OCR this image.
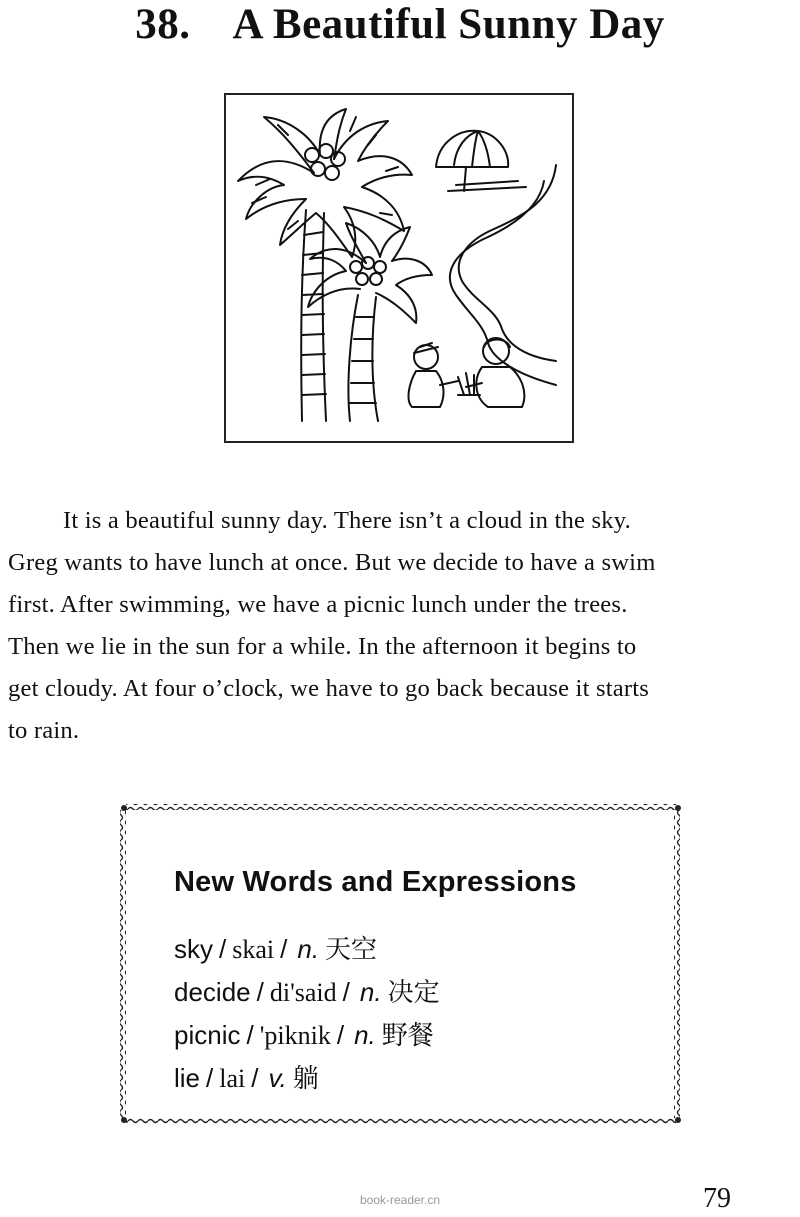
38. A Beautiful Sunny Day
It is a beautiful sunny day. There isn’t a cloud in the sky.
Greg wants to have lunch at once. But we decide to have a swim
first. After swimming, we have a picnic lunch under the trees.
Then we lie in the sun for a while. In the afternoon it begins to
get cloudy. At four o’clock, we have to go back because it starts
to rain.
New Words and Expressions
sky / skai / n. 天空
decide / di'said / n. 决定
picnic / 'piknik / n. 野餐
lie / lai / v. 躺
book-reader.cn	79
